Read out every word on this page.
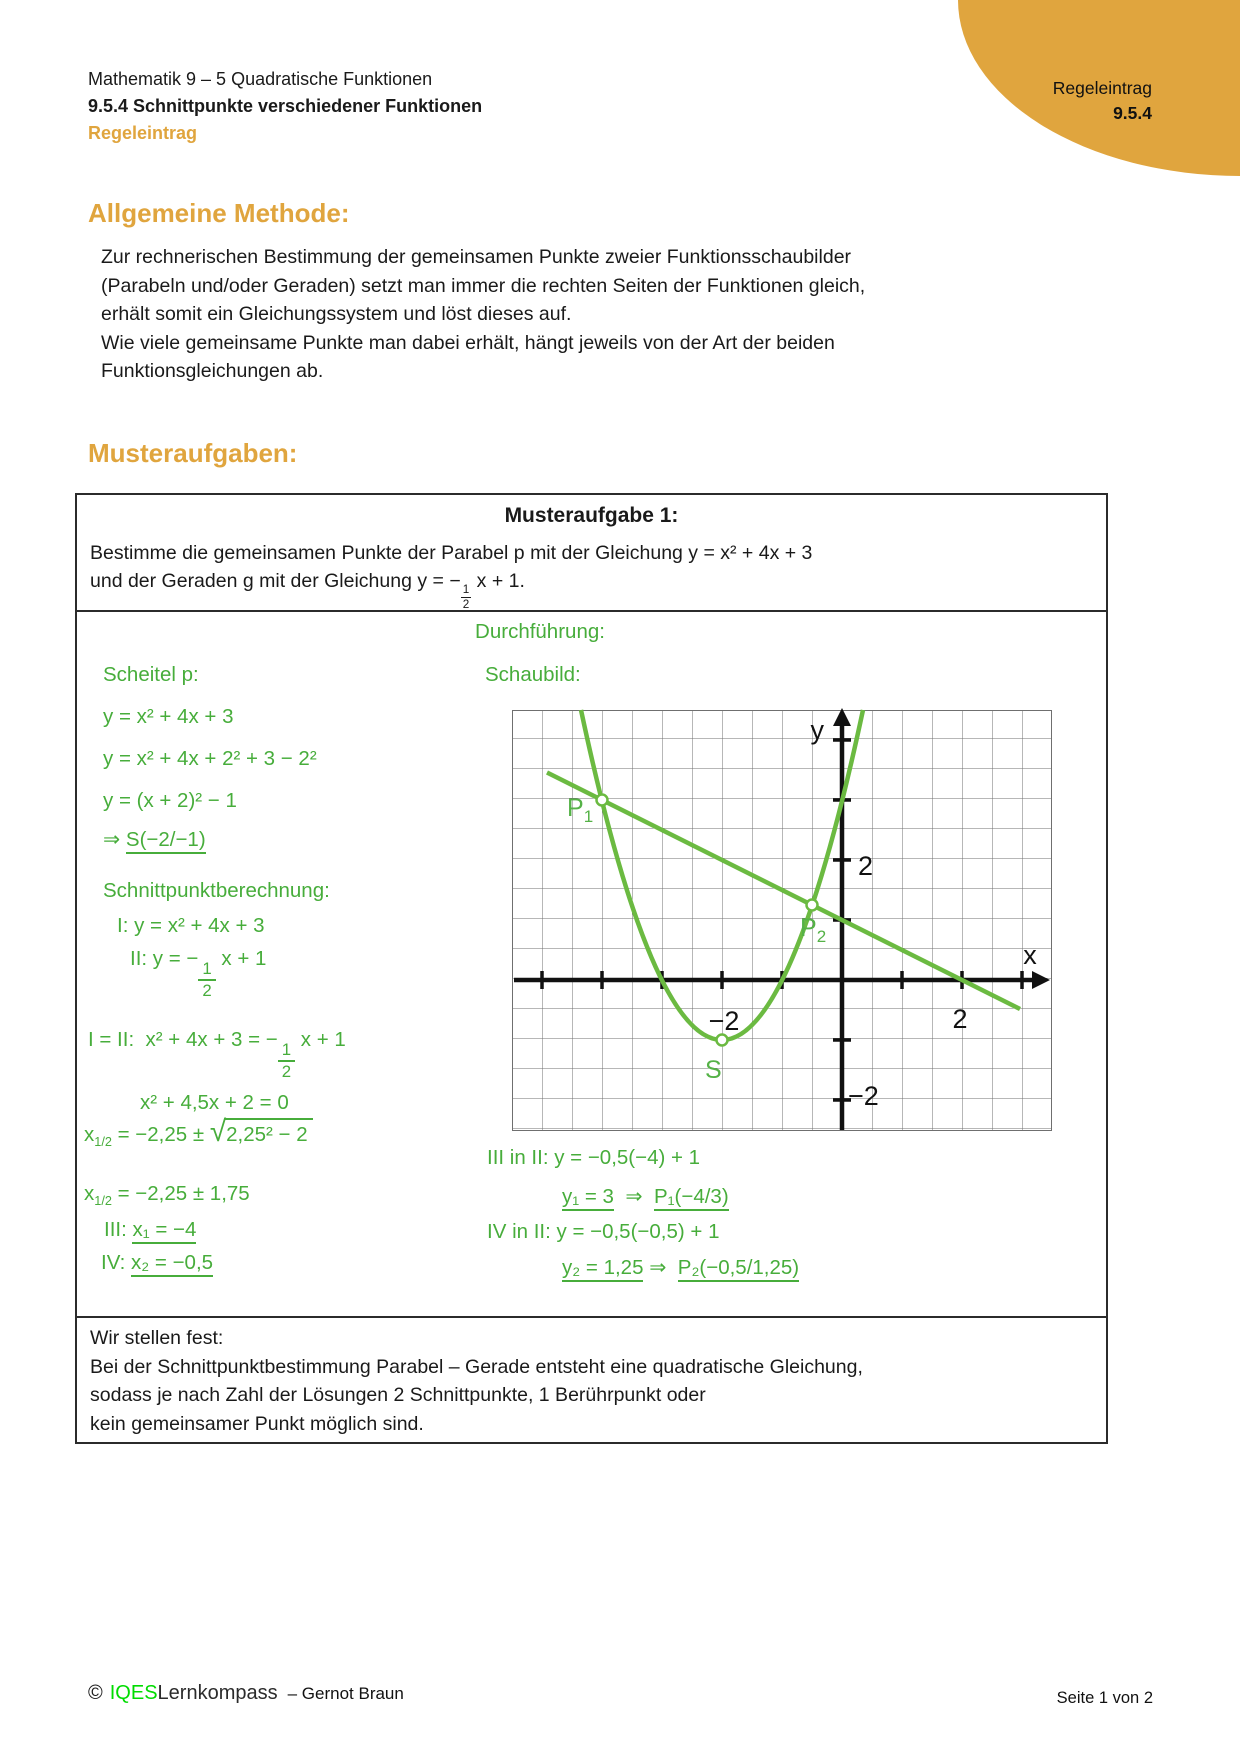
Regeleintrag
9.5.4
Mathematik 9 – 5 Quadratische Funktionen
9.5.4 Schnittpunkte verschiedener Funktionen
Regeleintrag
Allgemeine Methode:
Zur rechnerischen Bestimmung der gemeinsamen Punkte zweier Funktionsschaubilder
(Parabeln und/oder Geraden) setzt man immer die rechten Seiten der Funktionen gleich,
erhält somit ein Gleichungssystem und löst dieses auf.
Wie viele gemeinsame Punkte man dabei erhält, hängt jeweils von der Art der beiden
Funktionsgleichungen ab.
Musteraufgaben:
Musteraufgabe 1:
Bestimme die gemeinsamen Punkte der Parabel p mit der Gleichung y = x² + 4x + 3
und der Geraden g mit der Gleichung y = −
$\frac{1}{2}$
x + 1.
Durchführung:
Scheitel p:
y = x² + 4x + 3
y = x² + 4x + 2² + 3 − 2²
y = (x + 2)² − 1
⇒ S(−2/−1)
Schnittpunktberechnung:
I: y = x² + 4x + 3
II: y = −
$\frac{1}{2}$
x + 1
I = II:  x² + 4x + 3 = −
$\frac{1}{2}$
x + 1
x² + 4,5x + 2 = 0
$x_{1/2} = -2,25$ ± √ 2,25² − 2
$x_{1/2} = -2,25 \pm 1,75$
III: x₁ = −4
IV: x₂ = −0,5
Schaubild:
y
x
−2	2
2
−2
$P_1$
$P_2$
S
III in II: y = −0,5(−4) + 1
y₁ = 3 ⇒ P₁(−4/3)
IV in II: y = −0,5(−0,5) + 1
y₂ = 1,25 ⇒ P₂(−0,5/1,25)
Wir stellen fest:
Bei der Schnittpunktbestimmung Parabel – Gerade entsteht eine quadratische Gleichung,
sodass je nach Zahl der Lösungen 2 Schnittpunkte, 1 Berührpunkt oder
kein gemeinsamer Punkt möglich sind.
© IQES Lernkompass – Gernot Braun	Seite 1 von 2
